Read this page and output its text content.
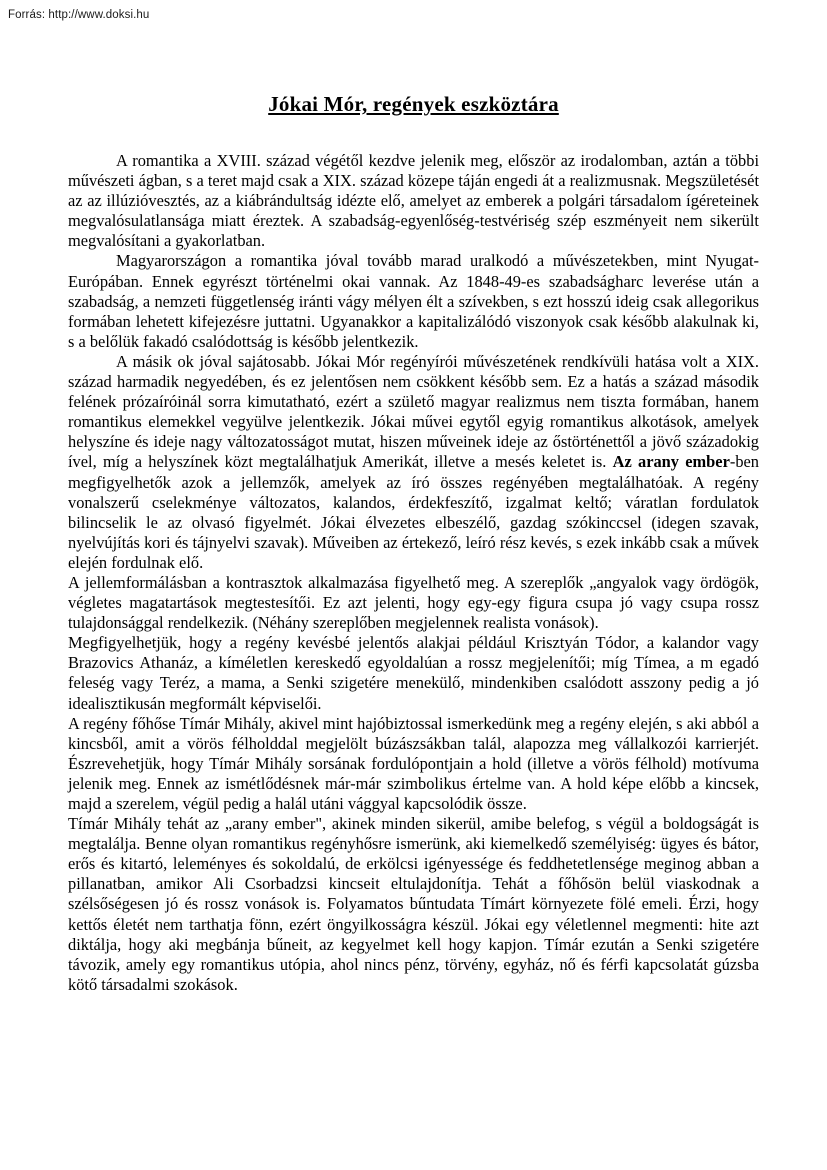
Forrás: http://www.doksi.hu
Jókai Mór, regények eszköztára

A romantika a XVIII. század végétől kezdve jelenik meg, először az irodalomban, aztán a többi művészeti ágban, s a teret majd csak a XIX. század közepe táján engedi át a realizmusnak. Megszületését az az illúzióvesztés, az a kiábrándultság idézte elő, amelyet az emberek a polgári társadalom ígéreteinek megvalósulatlansága miatt éreztek. A szabadság-egyenlőség-testvériség szép eszményeit nem sikerült megvalósítani a gyakorlatban.

Magyarországon a romantika jóval tovább marad uralkodó a művészetekben, mint Nyugat-Európában. Ennek egyrészt történelmi okai vannak. Az 1848-49-es szabadságharc leverése után a szabadság, a nemzeti függetlenség iránti vágy mélyen élt a szívekben, s ezt hosszú ideig csak allegorikus formában lehetett kifejezésre juttatni. Ugyanakkor a kapitalizálódó viszonyok csak később alakulnak ki, s a belőlük fakadó csalódottság is később jelentkezik.

A másik ok jóval sajátosabb. Jókai Mór regényírói művészetének rendkívüli hatása volt a XIX. század harmadik negyedében, és ez jelentősen nem csökkent később sem. Ez a hatás a század második felének prózaíróinál sorra kimutatható, ezért a születő magyar realizmus nem tiszta formában, hanem romantikus elemekkel vegyülve jelentkezik. Jókai művei egytől egyig romantikus alkotások, amelyek helyszíne és ideje nagy változatosságot mutat, hiszen műveinek ideje az őstörténettől a jövő századokig ível, míg a helyszínek közt megtalálhatjuk Amerikát, illetve a mesés keletet is. Az arany ember-ben megfigyelhetők azok a jellemzők, amelyek az író összes regényében megtalálhatóak. A regény vonalszerű cselekménye változatos, kalandos, érdekfeszítő, izgalmat keltő; váratlan fordulatok bilincselik le az olvasó figyelmét. Jókai élvezetes elbeszélő, gazdag szókinccsel (idegen szavak, nyelvújítás kori és tájnyelvi szavak). Műveiben az értekező, leíró rész kevés, s ezek inkább csak a művek elején fordulnak elő.

A jellemformálásban a kontrasztok alkalmazása figyelhető meg. A szereplők „angyalok vagy ördögök, végletes magatartások megtestesítői. Ez azt jelenti, hogy egy-egy figura csupa jó vagy csupa rossz tulajdonsággal rendelkezik. (Néhány szereplőben megjelennek realista vonások).

Megfigyelhetjük, hogy a regény kevésbé jelentős alakjai például Krisztyán Tódor, a kalandor vagy Brazovics Athanáz, a kíméletlen kereskedő egyoldalúan a rossz megjelenítői; míg Tímea, a m egadó feleség vagy Teréz, a mama, a Senki szigetére menekülő, mindenkiben csalódott asszony pedig a jó idealisztikusán megformált képviselői.

A regény főhőse Tímár Mihály, akivel mint hajóbiztossal ismerkedünk meg a regény elején, s aki abból a kincsből, amit a vörös félholddal megjelölt búzászsákban talál, alapozza meg vállalkozói karrierjét. Észrevehetjük, hogy Tímár Mihály sorsának fordulópontjain a hold (illetve a vörös félhold) motívuma jelenik meg. Ennek az ismétlődésnek már-már szimbolikus értelme van. A hold képe előbb a kincsek, majd a szerelem, végül pedig a halál utáni vággyal kapcsolódik össze.

Tímár Mihály tehát az „arany ember", akinek minden sikerül, amibe belefog, s végül a boldogságát is megtalálja. Benne olyan romantikus regényhősre ismerünk, aki kiemelkedő személyiség: ügyes és bátor, erős és kitartó, leleményes és sokoldalú, de erkölcsi igényessége és feddhetetlensége meginog abban a pillanatban, amikor Ali Csorbadzsi kincseit eltulajdonítja. Tehát a főhősön belül viaskodnak a szélsőségesen jó és rossz vonások is. Folyamatos bűntudata Tímárt környezete fölé emeli. Érzi, hogy kettős életét nem tarthatja fönn, ezért öngyilkosságra készül. Jókai egy véletlennel megmenti: hite azt diktálja, hogy aki megbánja bűneit, az kegyelmet kell hogy kapjon. Tímár ezután a Senki szigetére távozik, amely egy romantikus utópia, ahol nincs pénz, törvény, egyház, nő és férfi kapcsolatát gúzsba kötő társadalmi szokások.
